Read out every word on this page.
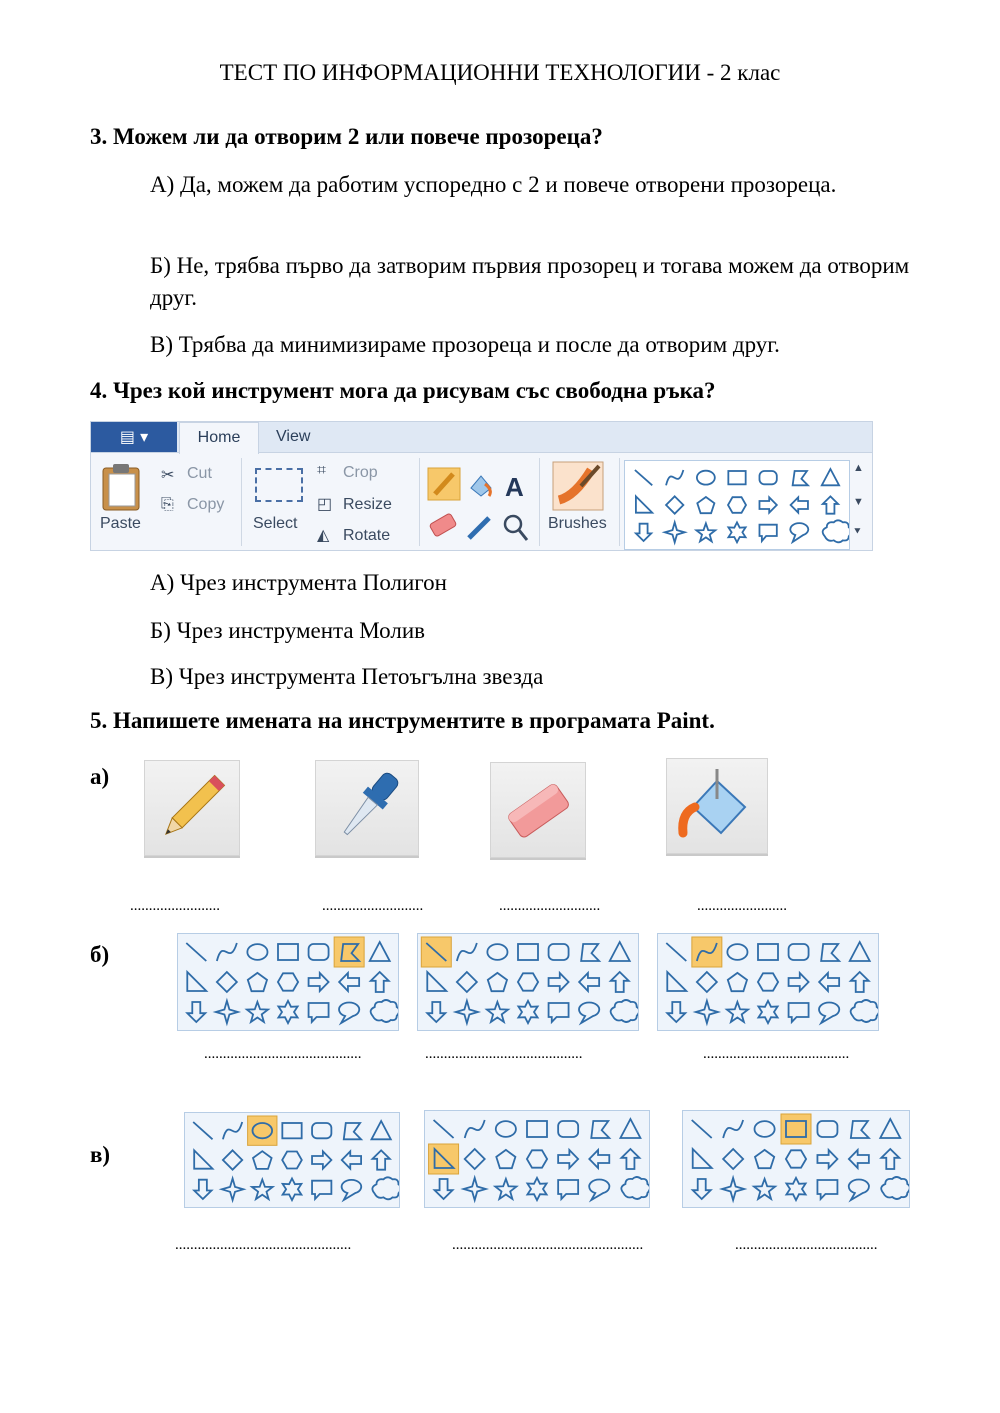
ТЕСТ ПО ИНФОРМАЦИОННИ ТЕХНОЛОГИИ - 2 клас
3. Можем ли да отворим 2 или повече прозореца?
А) Да, можем да работим успоредно с 2 и повече отворени прозореца.
Б) Не, трябва първо да затворим първия прозорец и тогава можем да отворим друг.
В) Трябва да минимизираме прозореца и после да отворим друг.
4. Чрез кой инструмент мога да рисувам със свободна ръка?
▤ ▾	Home	View
Paste
✂ Cut
⎘ Copy
Select
⌗ Crop
◰ Resize
◭ Rotate
A
Brushes
▲
▼
⯆
А) Чрез инструмента Полигон
Б) Чрез инструмента Молив
В) Чрез инструмента Петоъгълна звезда
5. Напишете имената на инструментите в програмата Paint.
а)
........................	...........................	...........................	........................
б)
..........................................	..........................................	.......................................
в)
...............................................	...................................................	......................................
